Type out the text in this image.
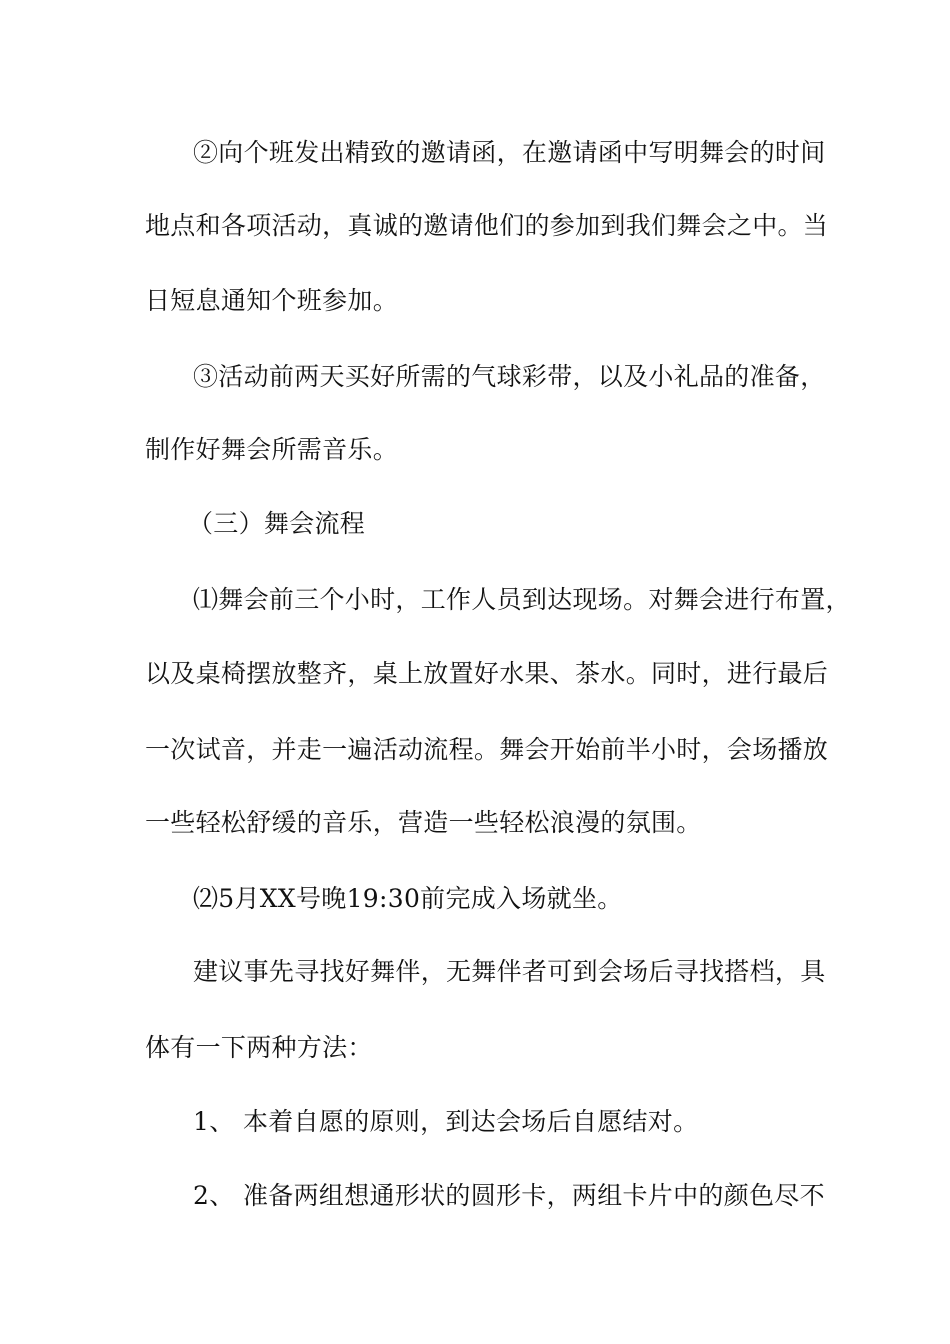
②向个班发出精致的邀请函，在邀请函中写明舞会的时间
地点和各项活动，真诚的邀请他们的参加到我们舞会之中。当
日短息通知个班参加。
③活动前两天买好所需的气球彩带，以及小礼品的准备，
制作好舞会所需音乐。
（三）舞会流程
⑴舞会前三个小时，工作人员到达现场。对舞会进行布置，
以及桌椅摆放整齐，桌上放置好水果、茶水。同时，进行最后
一次试音，并走一遍活动流程。舞会开始前半小时，会场播放
一些轻松舒缓的音乐，营造一些轻松浪漫的氛围。
⑵5月XX号晚19:30前完成入场就坐。
建议事先寻找好舞伴，无舞伴者可到会场后寻找搭档，具
体有一下两种方法：
1、 本着自愿的原则，到达会场后自愿结对。
2、 准备两组想通形状的圆形卡，两组卡片中的颜色尽不
